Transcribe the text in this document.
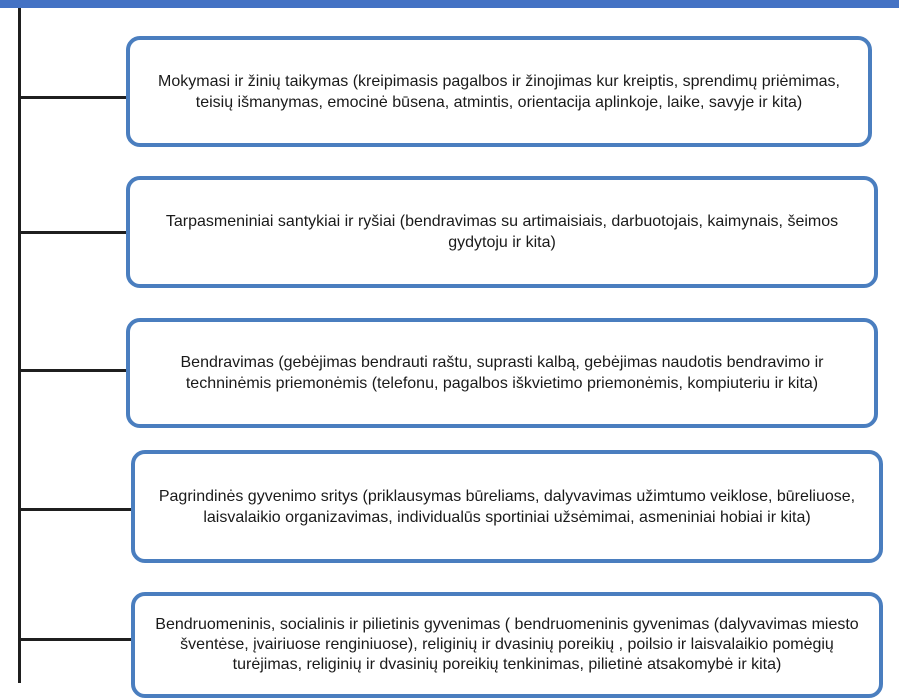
Mokymasi ir žinių taikymas (kreipimasis pagalbos ir žinojimas kur kreiptis, sprendimų priėmimas, teisių išmanymas, emocinė būsena, atmintis, orientacija aplinkoje, laike, savyje ir kita)
Tarpasmeniniai santykiai ir ryšiai (bendravimas su artimaisiais, darbuotojais, kaimynais, šeimos gydytoju ir kita)
Bendravimas (gebėjimas bendrauti raštu, suprasti kalbą, gebėjimas naudotis bendravimo ir techninėmis priemonėmis (telefonu, pagalbos iškvietimo priemonėmis, kompiuteriu ir kita)
Pagrindinės gyvenimo sritys (priklausymas būreliams, dalyvavimas užimtumo veiklose, būreliuose, laisvalaikio organizavimas, individualūs sportiniai užsėmimai, asmeniniai hobiai ir kita)
Bendruomeninis, socialinis ir pilietinis gyvenimas ( bendruomeninis gyvenimas (dalyvavimas miesto šventėse, įvairiuose renginiuose), religinių ir dvasinių poreikių , poilsio ir laisvalaikio pomėgių turėjimas, religinių ir dvasinių poreikių tenkinimas, pilietinė atsakomybė ir kita)
